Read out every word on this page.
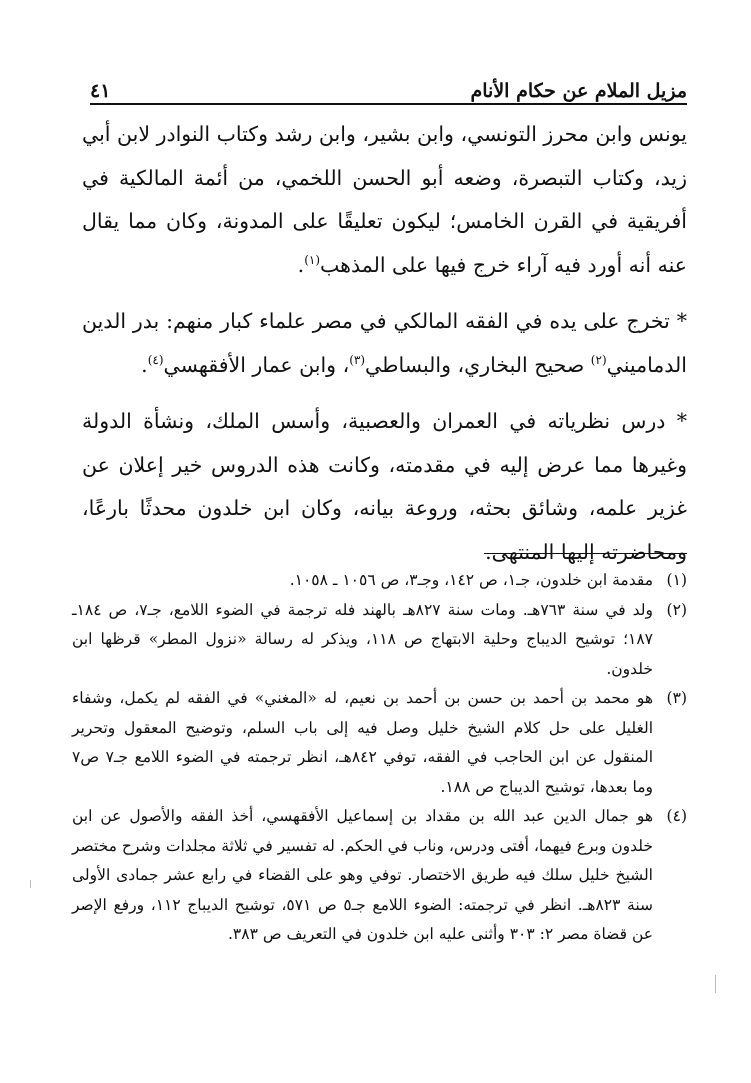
مزيل الملام عن حكام الأنام
٤١

يونس وابن محرز التونسي، وابن بشير، وابن رشد وكتاب النوادر لابن أبي زيد، وكتاب التبصرة، وضعه أبو الحسن اللخمي، من أئمة المالكية في أفريقية في القرن الخامس؛ ليكون تعليقًا على المدونة، وكان مما يقال عنه أنه أورد فيه آراء خرج فيها على المذهب$^{(١)}$.

* تخرج على يده في الفقه المالكي في مصر علماء كبار منهم: بدر الدين الدماميني$^{(٢)}$ صحيح البخاري، والبساطي$^{(٣)}$، وابن عمار الأفقهسي$^{(٤)}$.

* درس نظرياته في العمران والعصبية، وأسس الملك، ونشأة الدولة وغيرها مما عرض إليه في مقدمته، وكانت هذه الدروس خير إعلان عن غزير علمه، وشائق بحثه، وروعة بيانه، وكان ابن خلدون محدثًا بارعًا، ومحاضرته إليها المنتهى.

(١)
مقدمة ابن خلدون، جـ١، ص ١٤٢، وجـ٣، ص ١٠٥٦ ـ ١٠٥٨.
(٢)
ولد في سنة ٧٦٣هـ. ومات سنة ٨٢٧هـ بالهند فله ترجمة في الضوء اللامع، جـ٧، ص ١٨٤ـ ١٨٧؛ توشيح الديباج وحلية الابتهاج ص ١١٨، ويذكر له رسالة «نزول المطر» قرظها ابن خلدون.
(٣)
هو محمد بن أحمد بن حسن بن أحمد بن نعيم، له «المغني» في الفقه لم يكمل، وشفاء الغليل على حل كلام الشيخ خليل وصل فيه إلى باب السلم، وتوضيح المعقول وتحرير المنقول عن ابن الحاجب في الفقه، توفي ٨٤٢هـ، انظر ترجمته في الضوء اللامع جـ٧ ص٧ وما بعدها، توشيح الديباج ص ١٨٨.
(٤)
هو جمال الدين عبد الله بن مقداد بن إسماعيل الأفقهسي، أخذ الفقه والأصول عن ابن خلدون وبرع فيهما، أفتى ودرس، وناب في الحكم. له تفسير في ثلاثة مجلدات وشرح مختصر الشيخ خليل سلك فيه طريق الاختصار. توفي وهو على القضاء في رابع عشر جمادى الأولى سنة ٨٢٣هـ. انظر في ترجمته: الضوء اللامع جـ٥ ص ٥٧١، توشيح الديباج ١١٢، ورفع الإصر عن قضاة مصر ٢: ٣٠٣ وأثنى عليه ابن خلدون في التعريف ص ٣٨٣.
